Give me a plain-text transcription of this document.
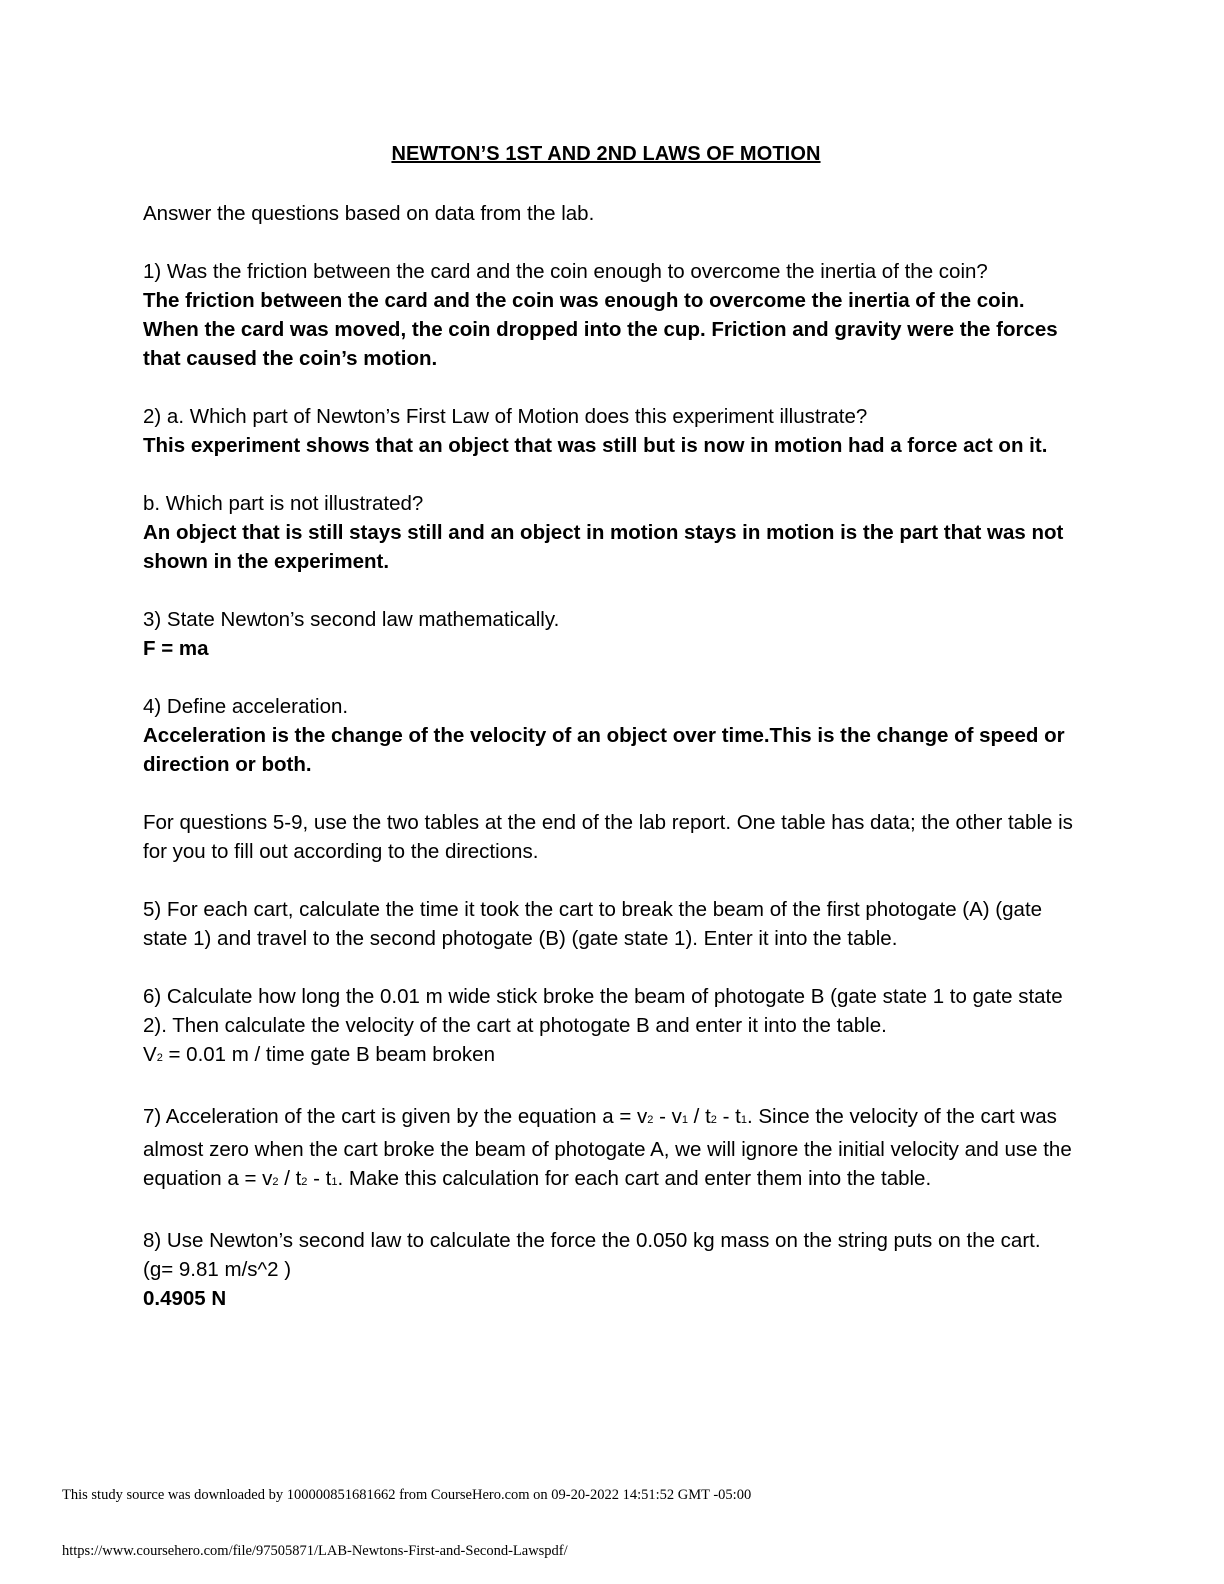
NEWTON’S 1ST AND 2ND LAWS OF MOTION

Answer the questions based on data from the lab.

1) Was the friction between the card and the coin enough to overcome the inertia of the coin?
The friction between the card and the coin was enough to overcome the inertia of the coin. When the card was moved, the coin dropped into the cup. Friction and gravity were the forces that caused the coin’s motion.

2) a. Which part of Newton’s First Law of Motion does this experiment illustrate?
This experiment shows that an object that was still but is now in motion had a force act on it.

b. Which part is not illustrated?
An object that is still stays still and an object in motion stays in motion is the part that was not shown in the experiment.

3) State Newton’s second law mathematically.
F = ma

4) Define acceleration.
Acceleration is the change of the velocity of an object over time.This is the change of speed or direction or both.

For questions 5-9, use the two tables at the end of the lab report. One table has data; the other table is for you to fill out according to the directions.

5) For each cart, calculate the time it took the cart to break the beam of the first photogate (A) (gate state 1) and travel to the second photogate (B) (gate state 1). Enter it into the table.

6) Calculate how long the 0.01 m wide stick broke the beam of photogate B (gate state 1 to gate state 2). Then calculate the velocity of the cart at photogate B and enter it into the table.
V2 = 0.01 m / time gate B beam broken

7) Acceleration of the cart is given by the equation a = v2 - v1 / t2 - t1. Since the velocity of the cart was almost zero when the cart broke the beam of photogate A, we will ignore the initial velocity and use the equation a = v2 / t2 - t1. Make this calculation for each cart and enter them into the table.

8) Use Newton’s second law to calculate the force the 0.050 kg mass on the string puts on the cart. (g= 9.81 m/s^2 )
0.4905 N

This study source was downloaded by 100000851681662 from CourseHero.com on 09-20-2022 14:51:52 GMT -05:00
https://www.coursehero.com/file/97505871/LAB-Newtons-First-and-Second-Lawspdf/
